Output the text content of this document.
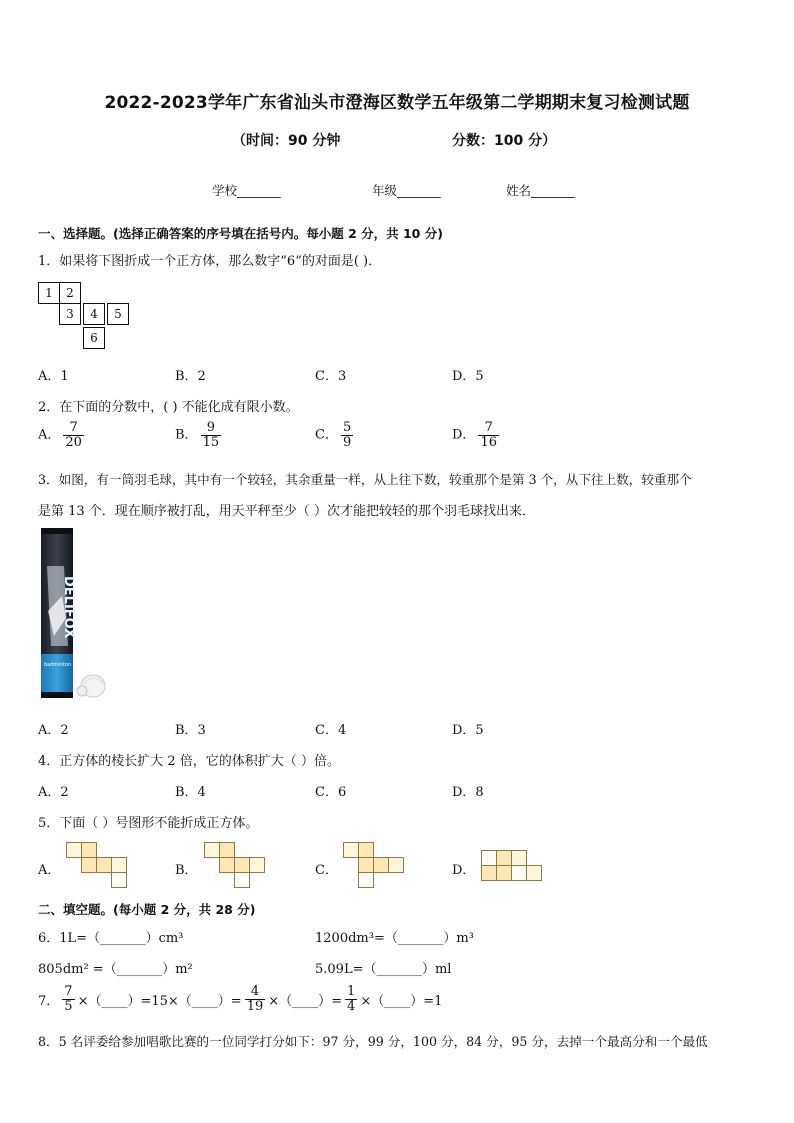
2022-2023学年广东省汕头市澄海区数学五年级第二学期期末复习检测试题
（时间：90 分钟	分数：100 分）
学校_______	年级_______	姓名_______
一、选择题。(选择正确答案的序号填在括号内。每小题 2 分，共 10 分)
1．如果将下图折成一个正方体，那么数字“6”的对面是( )．
1	2
3	4	5
6
A．1	B．2	C．3	D．5
2．在下面的分数中，( ) 不能化成有限小数。
A． $\frac{7}{20}$	B． $\frac{9}{15}$	C． $\frac{5}{9}$	D． $\frac{7}{16}$
3．如图，有一筒羽毛球，其中有一个较轻，其余重量一样，从上往下数，较重那个是第 3 个，从下往上数，较重那个
是第 13 个．现在顺序被打乱，用天平秤至少（ ）次才能把较轻的那个羽毛球找出来．
DELIFOX
badminton
A．2	B．3	C．4	D．5
4．正方体的棱长扩大 2 倍，它的体积扩大（ ）倍。
A．2	B．4	C．6	D．8
5．下面（ ）号图形不能折成正方体。
A．	B．	C．	D．
二、填空题。(每小题 2 分，共 28 分)
6．1L=（_______）cm³	1200dm³=（_______）m³
805dm² =（_______）m²	5.09L=（_______）ml
7． $\frac{7}{5}$ ×（____）=15×（____）= $\frac{4}{19}$ ×（____）= $\frac{1}{4}$ ×（____）=1
8．5 名评委给参加唱歌比赛的一位同学打分如下：97 分，99 分，100 分，84 分，95 分，去掉一个最高分和一个最低
